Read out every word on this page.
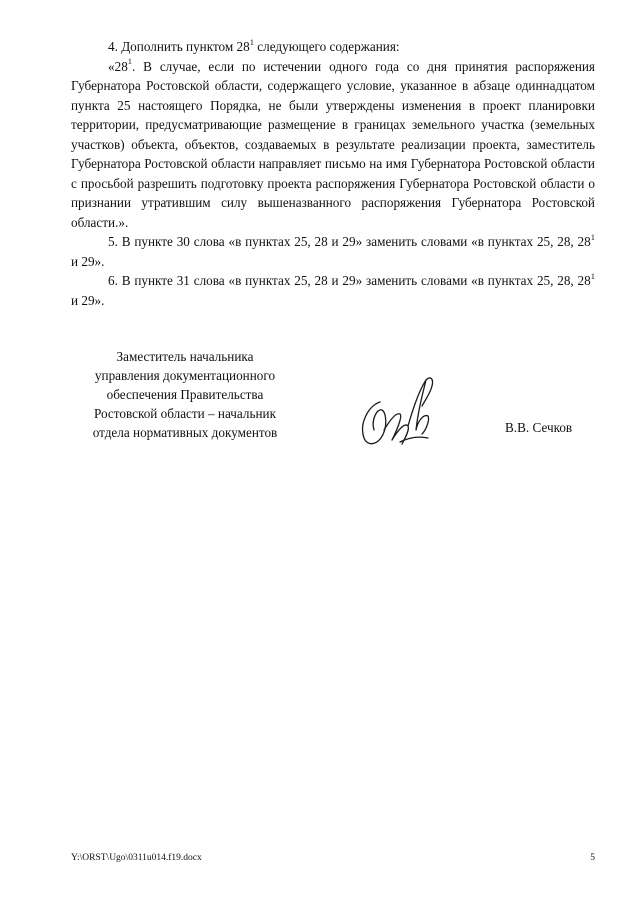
4. Дополнить пунктом $28^1$ следующего содержания:

«$28^1$. В случае, если по истечении одного года со дня принятия распоряжения Губернатора Ростовской области, содержащего условие, указанное в абзаце одиннадцатом пункта 25 настоящего Порядка, не были утверждены изменения в проект планировки территории, предусматривающие размещение в границах земельного участка (земельных участков) объекта, объектов, создаваемых в результате реализации проекта, заместитель Губернатора Ростовской области направляет письмо на имя Губернатора Ростовской области с просьбой разрешить подготовку проекта распоряжения Губернатора Ростовской области о признании утратившим силу вышеназванного распоряжения Губернатора Ростовской области.».

5. В пункте 30 слова «в пунктах 25, 28 и 29» заменить словами «в пунктах 25, 28, $28^1$ и 29».

6. В пункте 31 слова «в пунктах 25, 28 и 29» заменить словами «в пунктах 25, 28, $28^1$ и 29».

Заместитель начальника
управления документационного
обеспечения Правительства
Ростовской области – начальник
отдела нормативных документов	В.В. Сечков
Y:\ORST\Ugo\0311u014.f19.docx	5
